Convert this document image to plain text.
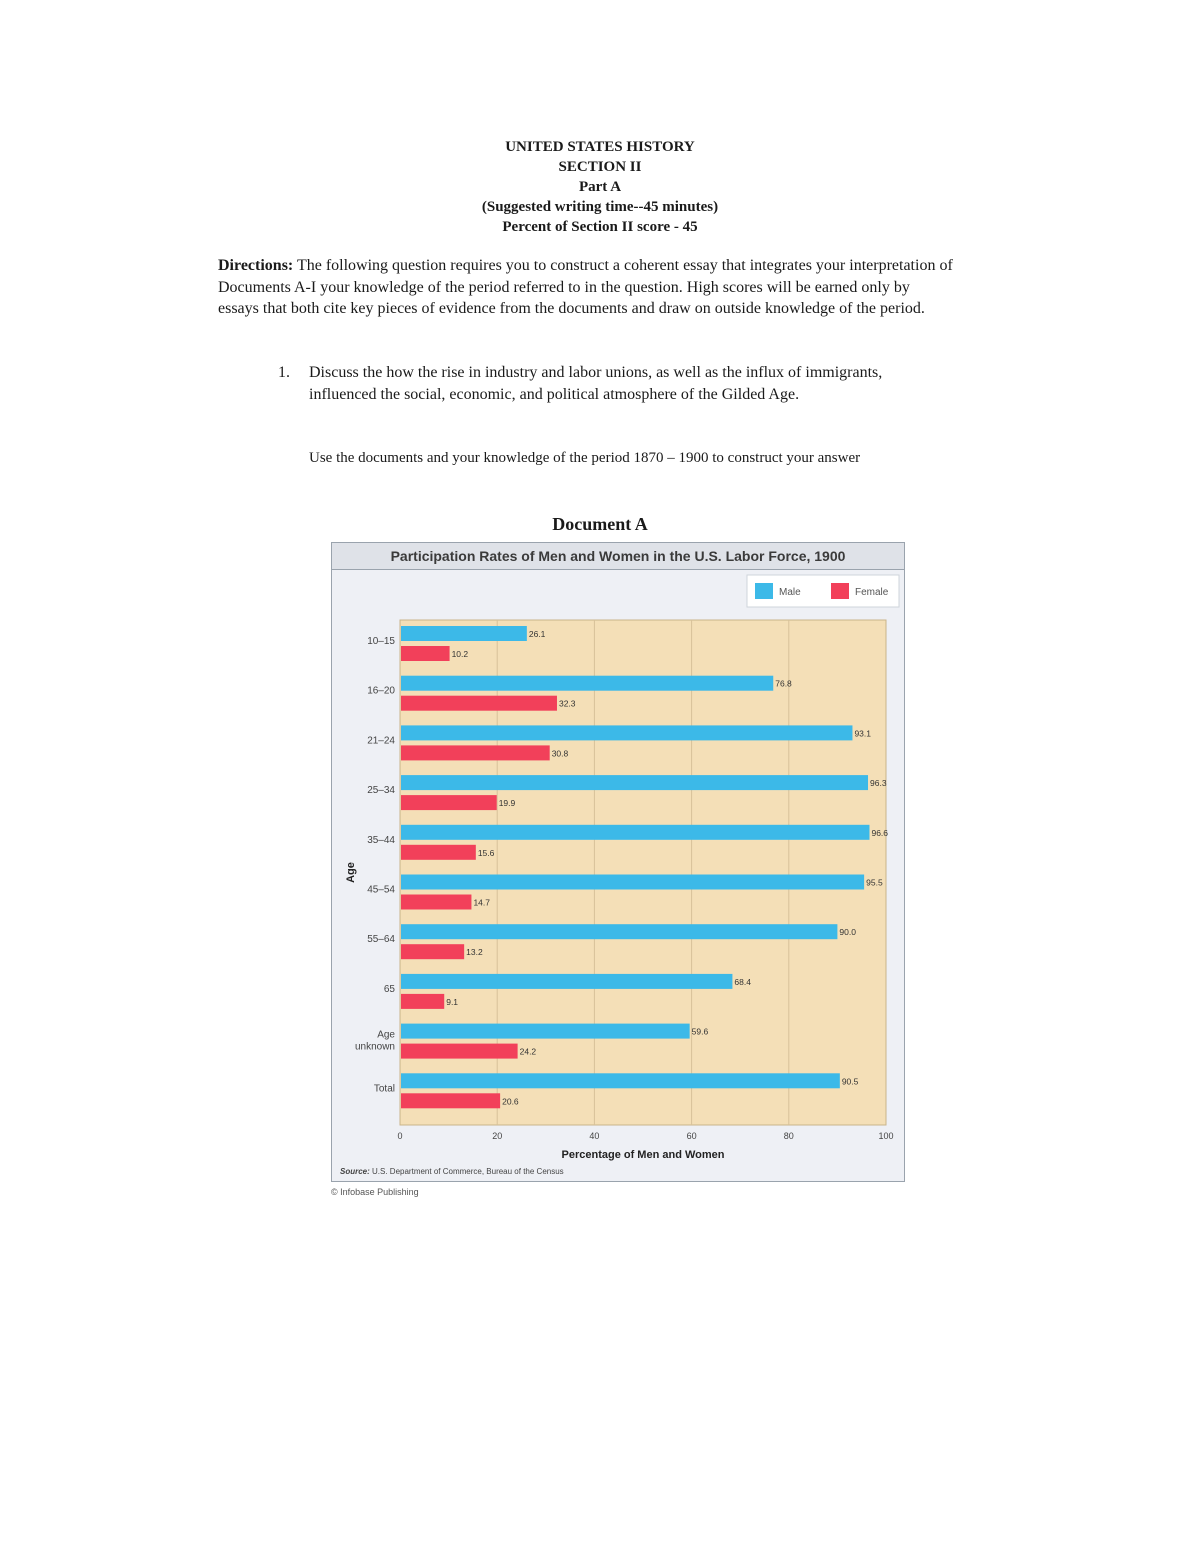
UNITED STATES HISTORY
SECTION II
Part A
(Suggested writing time--45 minutes)
Percent of Section II score - 45
Directions: The following question requires you to construct a coherent essay that integrates your interpretation of Documents A-I your knowledge of the period referred to in the question. High scores will be earned only by essays that both cite key pieces of evidence from the documents and draw on outside knowledge of the period.
1. Discuss the how the rise in industry and labor unions, as well as the influx of immigrants, influenced the social, economic, and political atmosphere of the Gilded Age.
Use the documents and your knowledge of the period 1870 – 1900 to construct your answer
Document A
0	20	40	60	80	100
26.1
10.2
10–15
76.8
32.3
16–20
93.1
30.8
21–24
96.3
19.9
25–34
96.6
15.6
35–44
95.5
14.7
45–54
90.0
13.2
55–64
68.4
9.1
65
59.6
24.2
Age
unknown
90.5
20.6
Total
Percentage of Men and Women
Age
Male	Female
Source: U.S. Department of Commerce, Bureau of the Census
Participation Rates of Men and Women in the U.S. Labor Force, 1900
© Infobase Publishing
